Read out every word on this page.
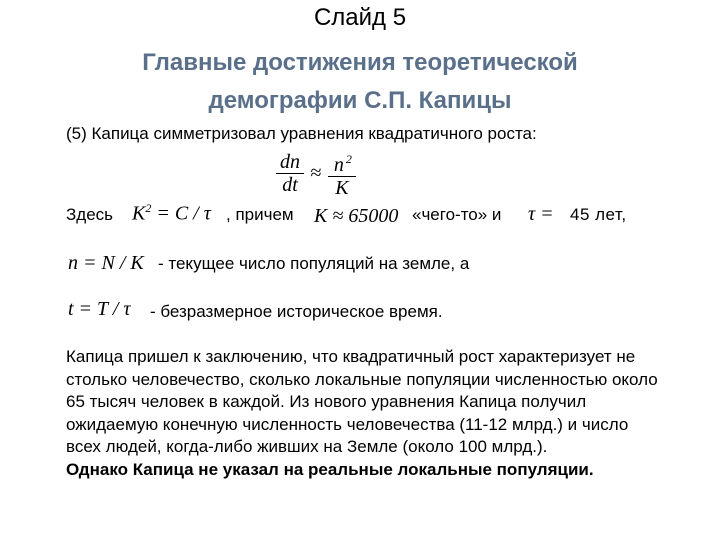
Слайд 5
Главные достижения теоретической
демографии С.П. Капицы
(5) Капица симметризовал уравнения квадратичного роста:
$\frac{dn}{dt} \approx \frac{n ^2}{K}$
Здесь $K^2 = C / \tau$ , причем K ≈ 65000 «чего-то» и τ = 45 лет,
n = N / K - текущее число популяций на земле, а
t = T / τ - безразмерное историческое время.
Капица пришел к заключению, что квадратичный рост характеризует не столько человечество, сколько локальные популяции численностью около 65 тысяч человек в каждой. Из нового уравнения Капица получил ожидаемую конечную численность человечества (11-12 млрд.) и число всех людей, когда-либо живших на Земле (около 100 млрд.).
Однако Капица не указал на реальные локальные популяции.
